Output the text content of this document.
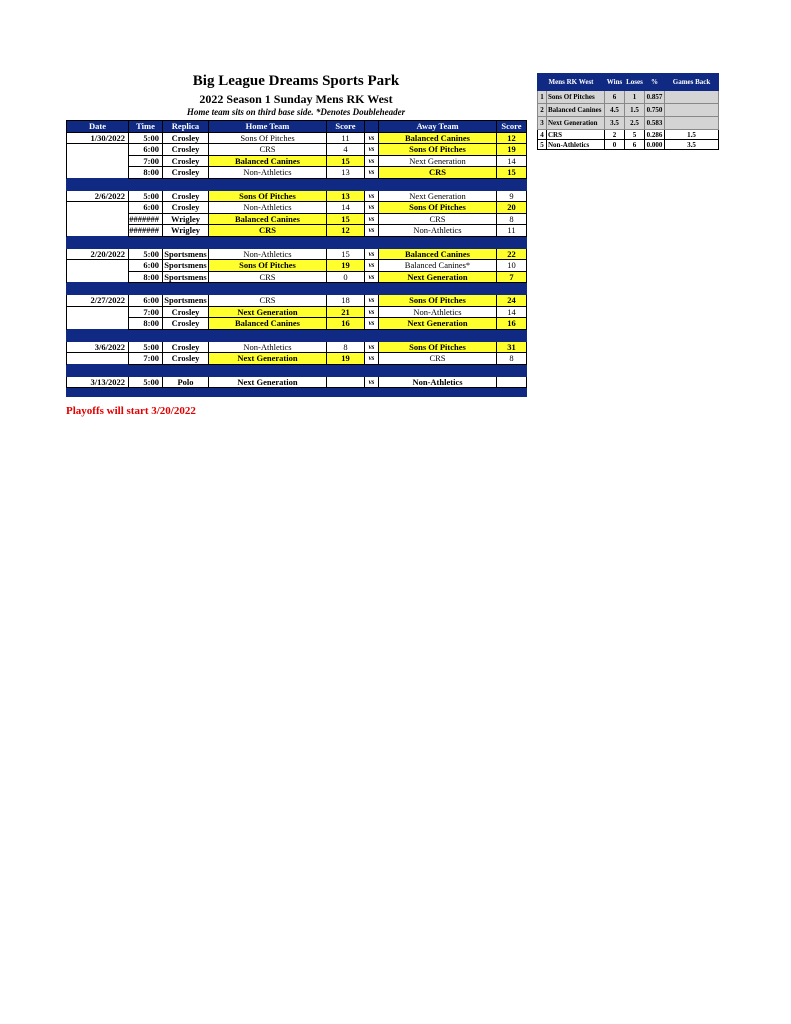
Big League Dreams Sports Park
2022 Season 1 Sunday Mens RK West
Home team sits on third base side. *Denotes Doubleheader
Date	Time	Replica	Home Team	Score		Away Team	Score
1/30/2022	5:00	Crosley	Sons Of Pitches	11	vs	Balanced Canines	12
	6:00	Crosley	CRS	4	vs	Sons Of Pitches	19
	7:00	Crosley	Balanced Canines	15	vs	Next Generation	14
	8:00	Crosley	Non-Athletics	13	vs	CRS	15

2/6/2022	5:00	Crosley	Sons Of Pitches	13	vs	Next Generation	9
	6:00	Crosley	Non-Athletics	14	vs	Sons Of Pitches	20
	#######	Wrigley	Balanced Canines	15	vs	CRS	8
	#######	Wrigley	CRS	12	vs	Non-Athletics	11

2/20/2022	5:00	Sportsmens	Non-Athletics	15	vs	Balanced Canines	22
	6:00	Sportsmens	Sons Of Pitches	19	vs	Balanced Canines*	10
	8:00	Sportsmens	CRS	0	vs	Next Generation	7

2/27/2022	6:00	Sportsmens	CRS	18	vs	Sons Of Pitches	24
	7:00	Crosley	Next Generation	21	vs	Non-Athletics	14
	8:00	Crosley	Balanced Canines	16	vs	Next Generation	16

3/6/2022	5:00	Crosley	Non-Athletics	8	vs	Sons Of Pitches	31
	7:00	Crosley	Next Generation	19	vs	CRS	8

3/13/2022	5:00	Polo	Next Generation		vs	Non-Athletics	

Mens RK West		Wins	Loses	%	Games Back
1	Sons Of Pitches	6	1	0.857	
2	Balanced Canines	4.5	1.5	0.750	
3	Next Generation	3.5	2.5	0.583	
4	CRS	2	5	0.286	1.5
5	Non-Athletics	0	6	0.000	3.5
Playoffs will start 3/20/2022
